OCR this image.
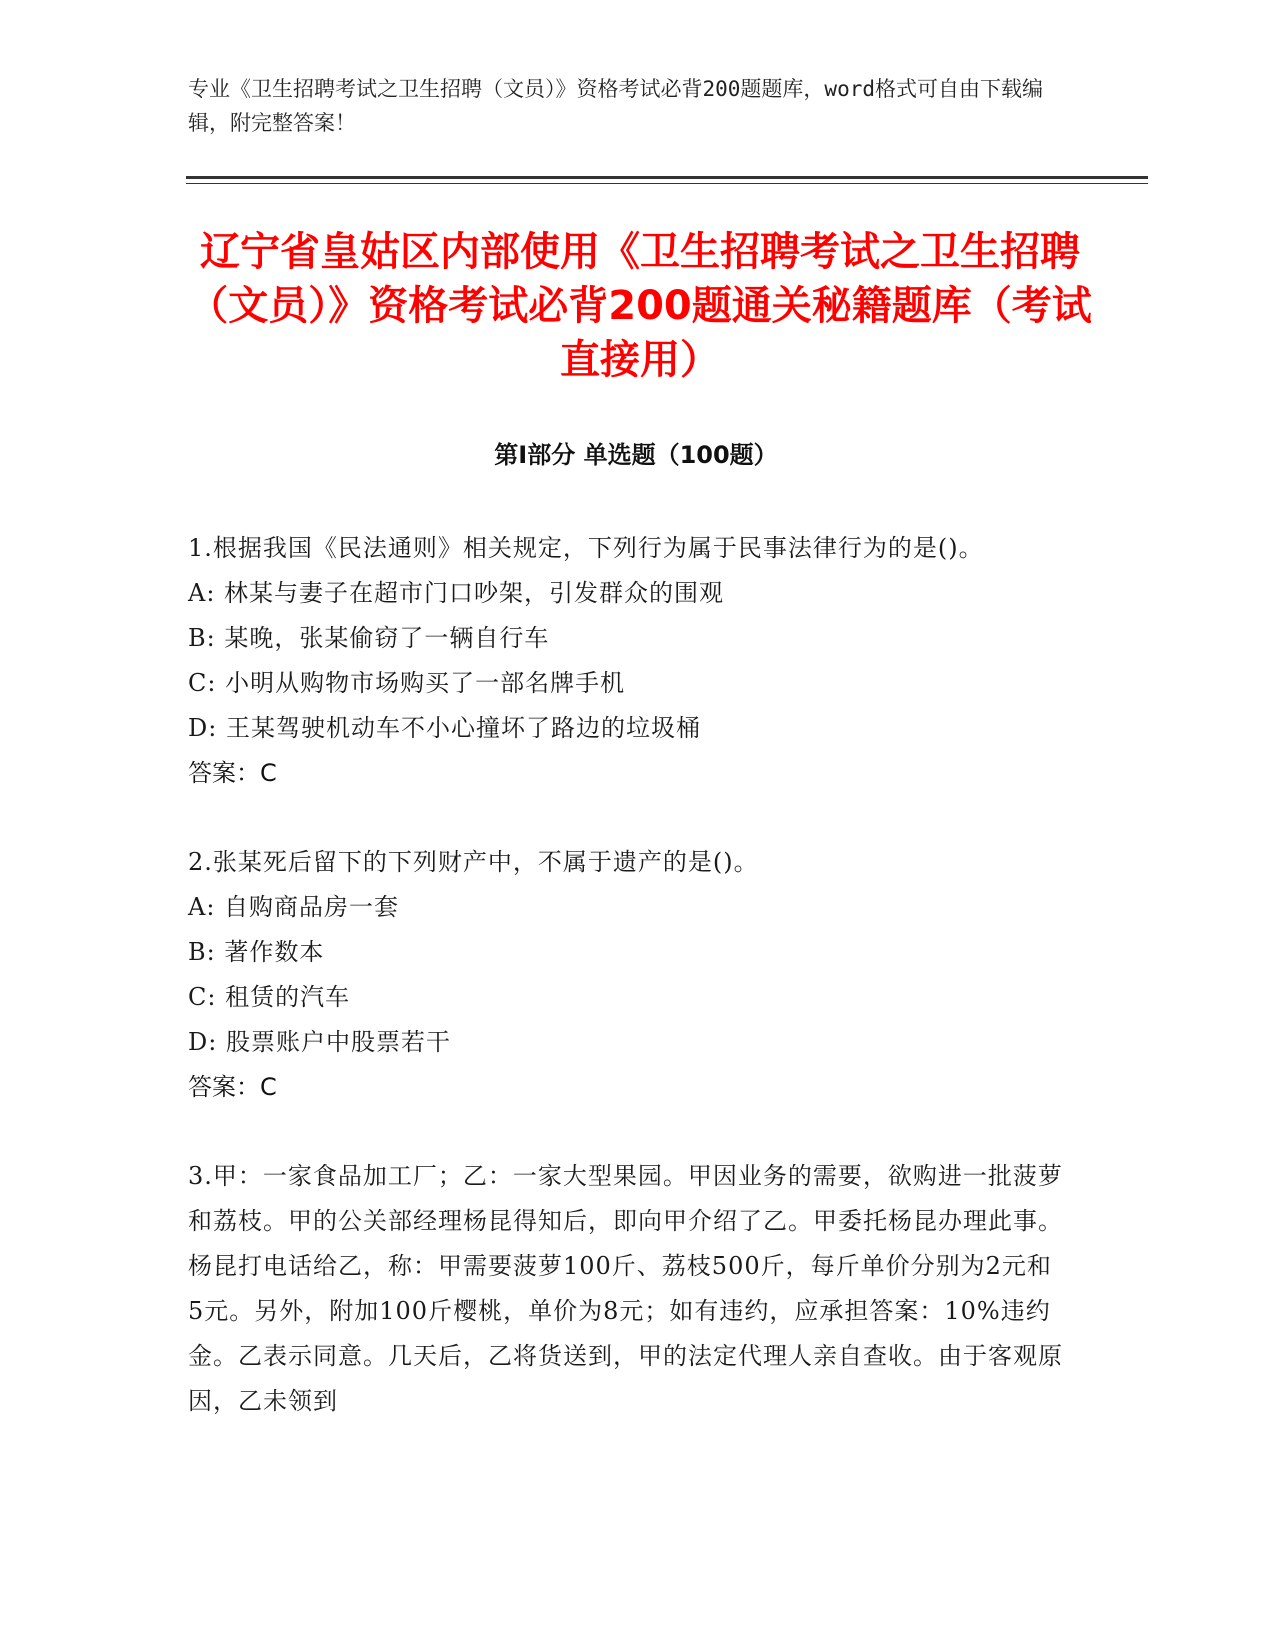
专业《卫生招聘考试之卫生招聘（文员）》资格考试必背200题题库，word格式可自由下载编辑，附完整答案！
辽宁省皇姑区内部使用《卫生招聘考试之卫生招聘（文员）》资格考试必背200题通关秘籍题库（考试直接用）
第Ⅰ部分 单选题（100题）
1.根据我国《民法通则》相关规定，下列行为属于民事法律行为的是()。
A: 林某与妻子在超市门口吵架，引发群众的围观
B: 某晚，张某偷窃了一辆自行车
C: 小明从购物市场购买了一部名牌手机
D: 王某驾驶机动车不小心撞坏了路边的垃圾桶
答案：C
2.张某死后留下的下列财产中，不属于遗产的是()。
A: 自购商品房一套
B: 著作数本
C: 租赁的汽车
D: 股票账户中股票若干
答案：C
3.甲：一家食品加工厂；乙：一家大型果园。甲因业务的需要，欲购进一批菠萝和荔枝。甲的公关部经理杨昆得知后，即向甲介绍了乙。甲委托杨昆办理此事。杨昆打电话给乙，称：甲需要菠萝100斤、荔枝500斤，每斤单价分别为2元和5元。另外，附加100斤樱桃，单价为8元；如有违约，应承担答案：10%违约金。乙表示同意。几天后，乙将货送到，甲的法定代理人亲自查收。由于客观原因，乙未领到
